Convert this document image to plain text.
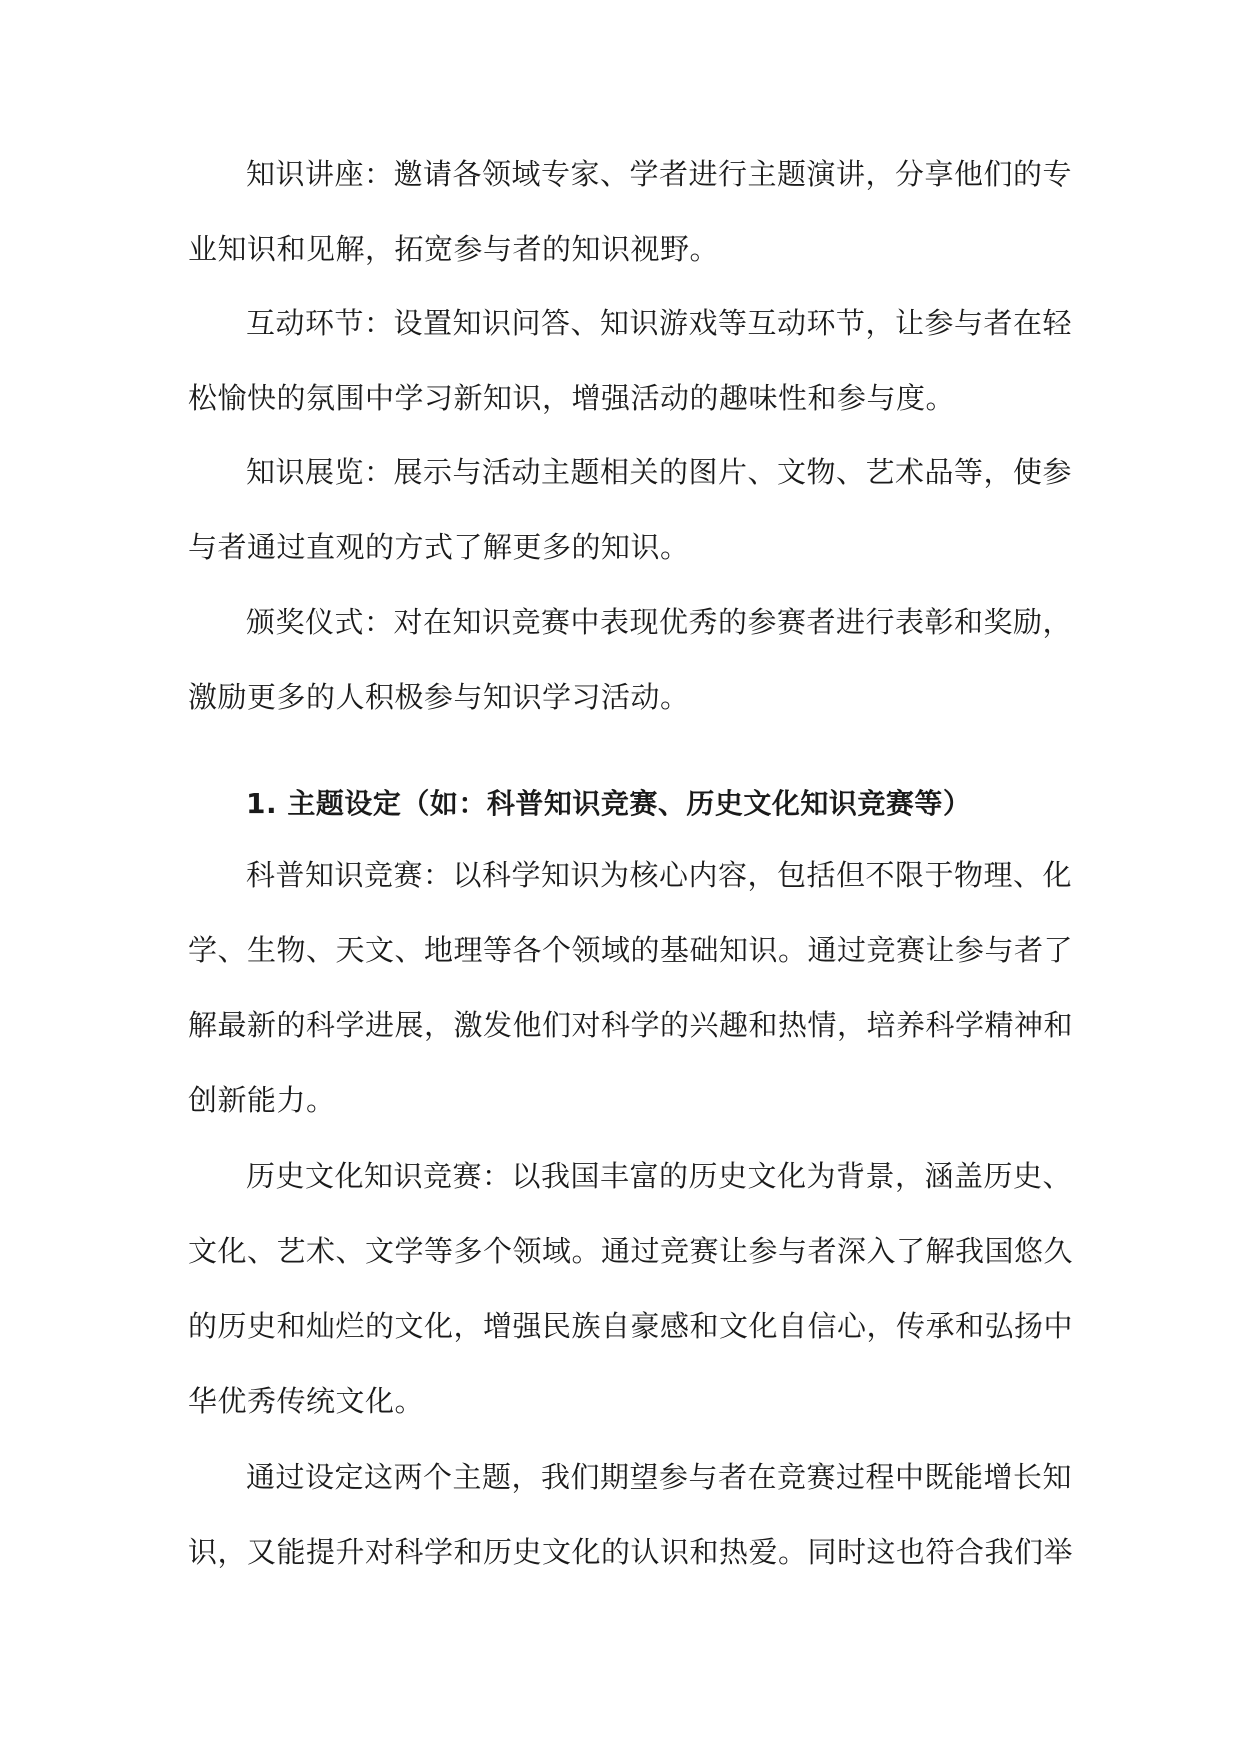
知识讲座：邀请各领域专家、学者进行主题演讲，分享他们的专
业知识和见解，拓宽参与者的知识视野。
互动环节：设置知识问答、知识游戏等互动环节，让参与者在轻
松愉快的氛围中学习新知识，增强活动的趣味性和参与度。
知识展览：展示与活动主题相关的图片、文物、艺术品等，使参
与者通过直观的方式了解更多的知识。
颁奖仪式：对在知识竞赛中表现优秀的参赛者进行表彰和奖励，
激励更多的人积极参与知识学习活动。
1. 主题设定（如：科普知识竞赛、历史文化知识竞赛等）
科普知识竞赛：以科学知识为核心内容，包括但不限于物理、化
学、生物、天文、地理等各个领域的基础知识。通过竞赛让参与者了
解最新的科学进展，激发他们对科学的兴趣和热情，培养科学精神和
创新能力。
历史文化知识竞赛：以我国丰富的历史文化为背景，涵盖历史、
文化、艺术、文学等多个领域。通过竞赛让参与者深入了解我国悠久
的历史和灿烂的文化，增强民族自豪感和文化自信心，传承和弘扬中
华优秀传统文化。
通过设定这两个主题，我们期望参与者在竞赛过程中既能增长知
识，又能提升对科学和历史文化的认识和热爱。同时这也符合我们举
